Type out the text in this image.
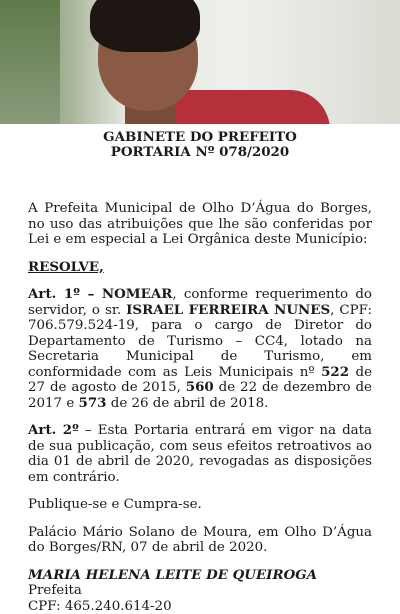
GABINETE DO PREFEITO
PORTARIA Nº 078/2020
A Prefeita Municipal de Olho D’Água do Borges, no uso das atribuições que lhe são conferidas por Lei e em especial a Lei Orgânica deste Município:
RESOLVE,
Art. 1º – NOMEAR, conforme requerimento do servidor, o sr. ISRAEL FERREIRA NUNES, CPF: 706.579.524-19, para o cargo de Diretor do Departamento de Turismo – CC4, lotado na Secretaria Municipal de Turismo, em conformidade com as Leis Municipais nº 522 de 27 de agosto de 2015, 560 de 22 de dezembro de 2017 e 573 de 26 de abril de 2018.
Art. 2º – Esta Portaria entrará em vigor na data de sua publicação, com seus efeitos retroativos ao dia 01 de abril de 2020, revogadas as disposições em contrário.
Publique-se e Cumpra-se.
Palácio Mário Solano de Moura, em Olho D’Água do Borges/RN, 07 de abril de 2020.
MARIA HELENA LEITE DE QUEIROGA
Prefeita
CPF: 465.240.614-20
